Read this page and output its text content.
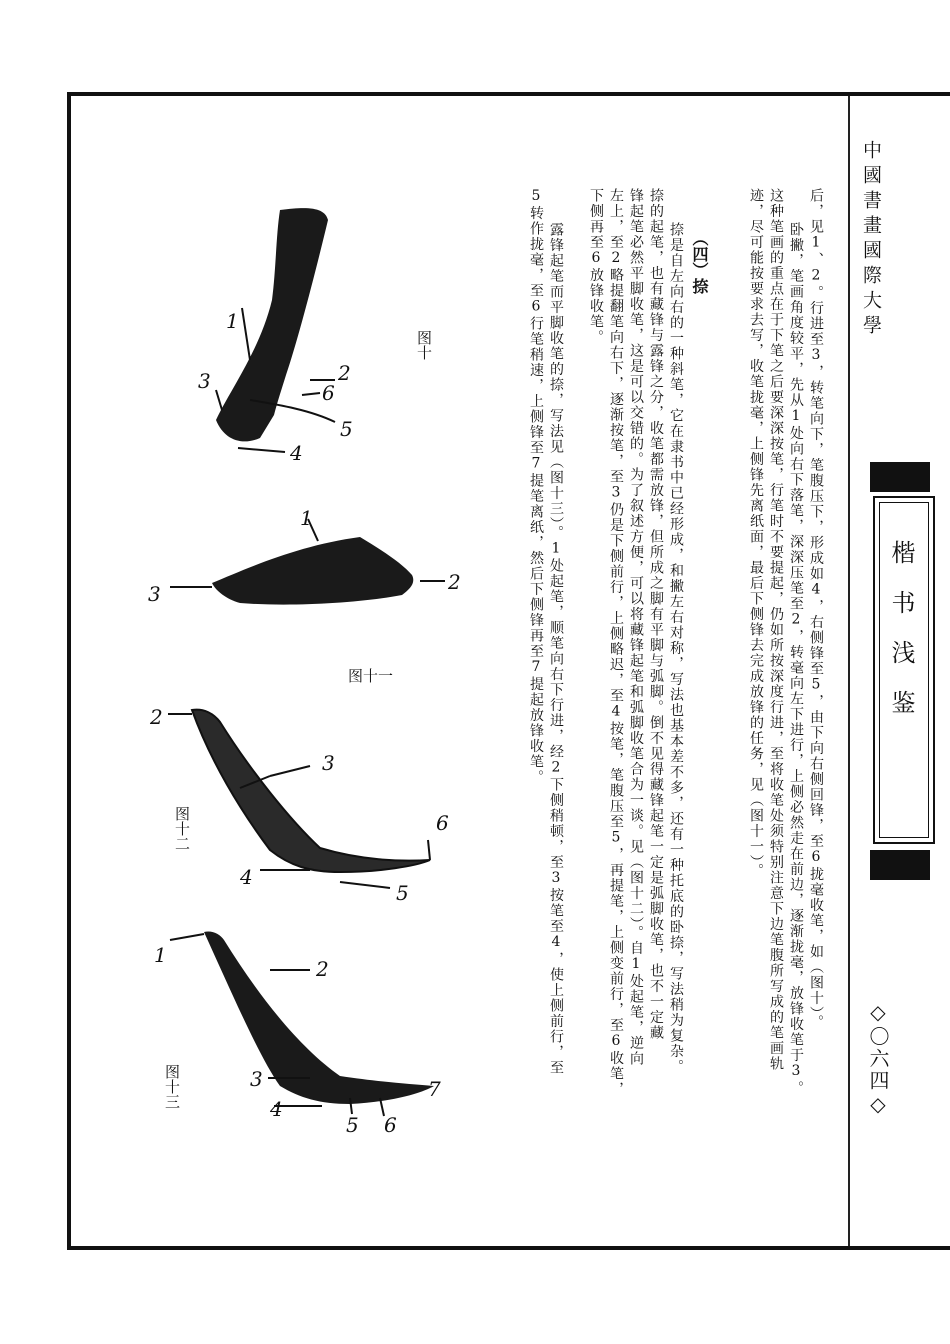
中國書畫國際大學
楷书浅鉴
◇〇六四◇
后，见1、2。行进至3，转笔向下，笔腹压下，形成如4，右侧锋至5，由下向右侧回锋，至6拢毫收笔，如（图十）。
卧撇，笔画角度较平，先从1处向右下落笔，深深压笔至2，转毫向左下进行，上侧必然走在前边，逐渐拢毫，放锋收笔于3。
这种笔画的重点在于下笔之后要深深按笔，行笔时不要提起，仍如所按深度行进，至将收笔处须特别注意下边笔腹所写成的笔画轨
迹，尽可能按要求去写，收笔拢毫，上侧锋先离纸面，最后下侧锋去完成放锋的任务，见（图十一）。
（四）捺
捺是自左向右的一种斜笔，它在隶书中已经形成，和撇左右对称，写法也基本差不多，还有一种托底的卧捺，写法稍为复杂。
捺的起笔，也有藏锋与露锋之分，收笔都需放锋，但所成之脚有平脚与弧脚。倒不见得藏锋起笔一定是弧脚收笔，也不一定藏
锋起笔必然平脚收笔，这是可以交错的。为了叙述方便，可以将藏锋起笔和弧脚收笔合为一谈。见（图十二）。自1处起笔，逆向
左上，至2略提翻笔向右下，逐渐按笔，至3仍是下侧前行，上侧略迟，至4按笔，笔腹压至5，再提笔，上侧变前行，至6收笔，
下侧再至6放锋收笔。
露锋起笔而平脚收笔的捺，写法见（图十三）。1处起笔，顺笔向右下行进，经2下侧稍顿，至3按笔至4，使上侧前行，至
5转作拢毫，至6行笔稍速，上侧锋至7提笔离纸，然后下侧锋再至7提起放锋收笔。
1
2
3
4
5
6
图十
1
2
3
图十一
2
3
4
5
6
图十二
1
2
3
4
5 6
7
图十三
